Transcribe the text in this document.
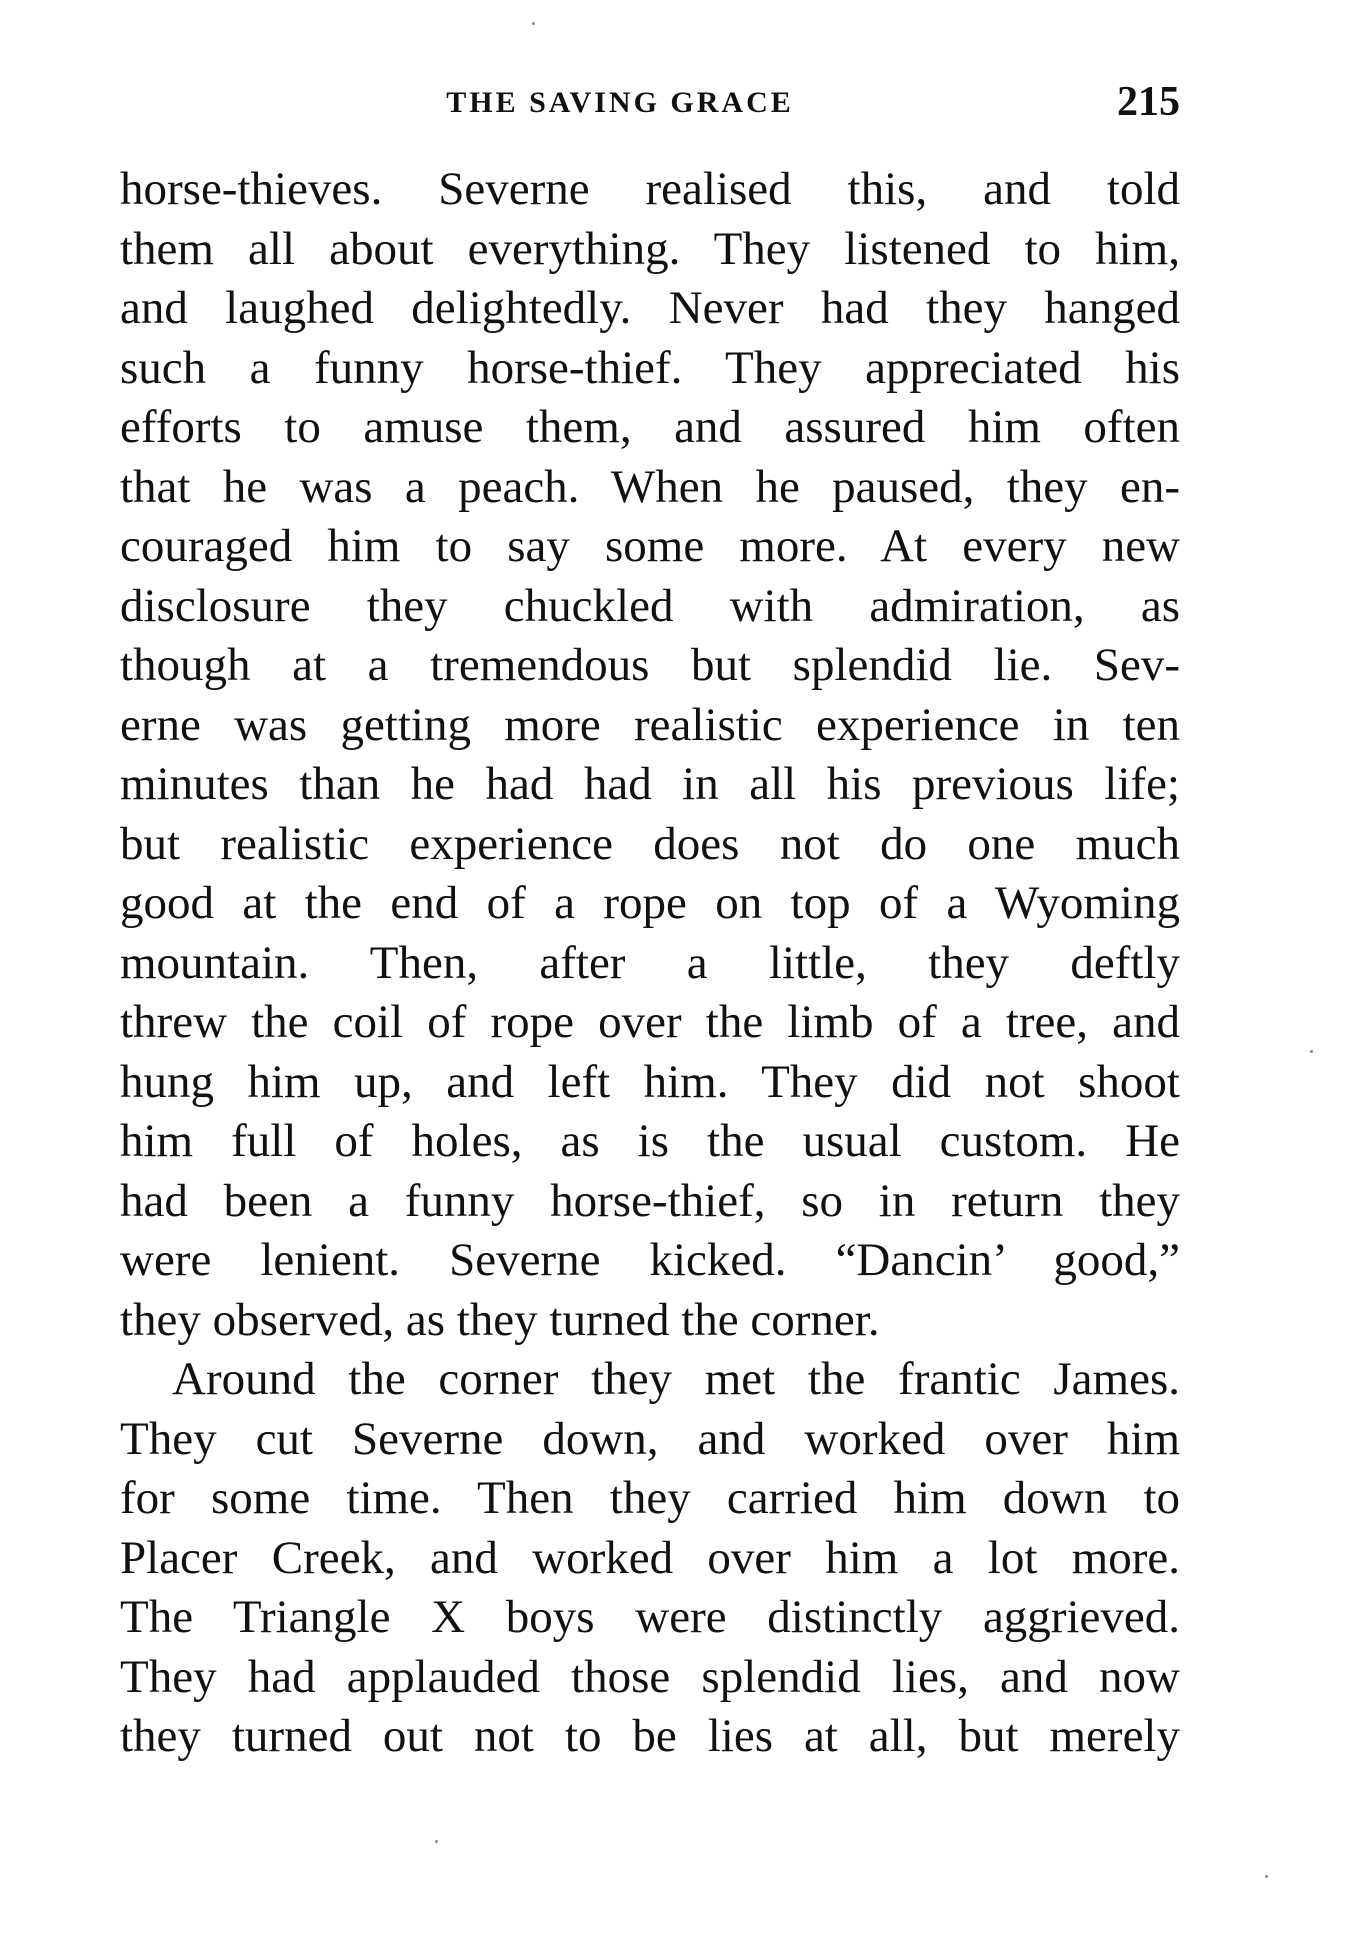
THE SAVING GRACE	215
horse-thieves. Severne realised this, and told
them all about everything. They listened to him,
and laughed delightedly. Never had they hanged
such a funny horse-thief. They appreciated his
efforts to amuse them, and assured him often
that he was a peach. When he paused, they en-
couraged him to say some more. At every new
disclosure they chuckled with admiration, as
though at a tremendous but splendid lie. Sev-
erne was getting more realistic experience in ten
minutes than he had had in all his previous life;
but realistic experience does not do one much
good at the end of a rope on top of a Wyoming
mountain. Then, after a little, they deftly
threw the coil of rope over the limb of a tree, and
hung him up, and left him. They did not shoot
him full of holes, as is the usual custom. He
had been a funny horse-thief, so in return they
were lenient. Severne kicked. “Dancin’ good,”
they observed, as they turned the corner.
Around the corner they met the frantic James.
They cut Severne down, and worked over him
for some time. Then they carried him down to
Placer Creek, and worked over him a lot more.
The Triangle X boys were distinctly aggrieved.
They had applauded those splendid lies, and now
they turned out not to be lies at all, but merely
